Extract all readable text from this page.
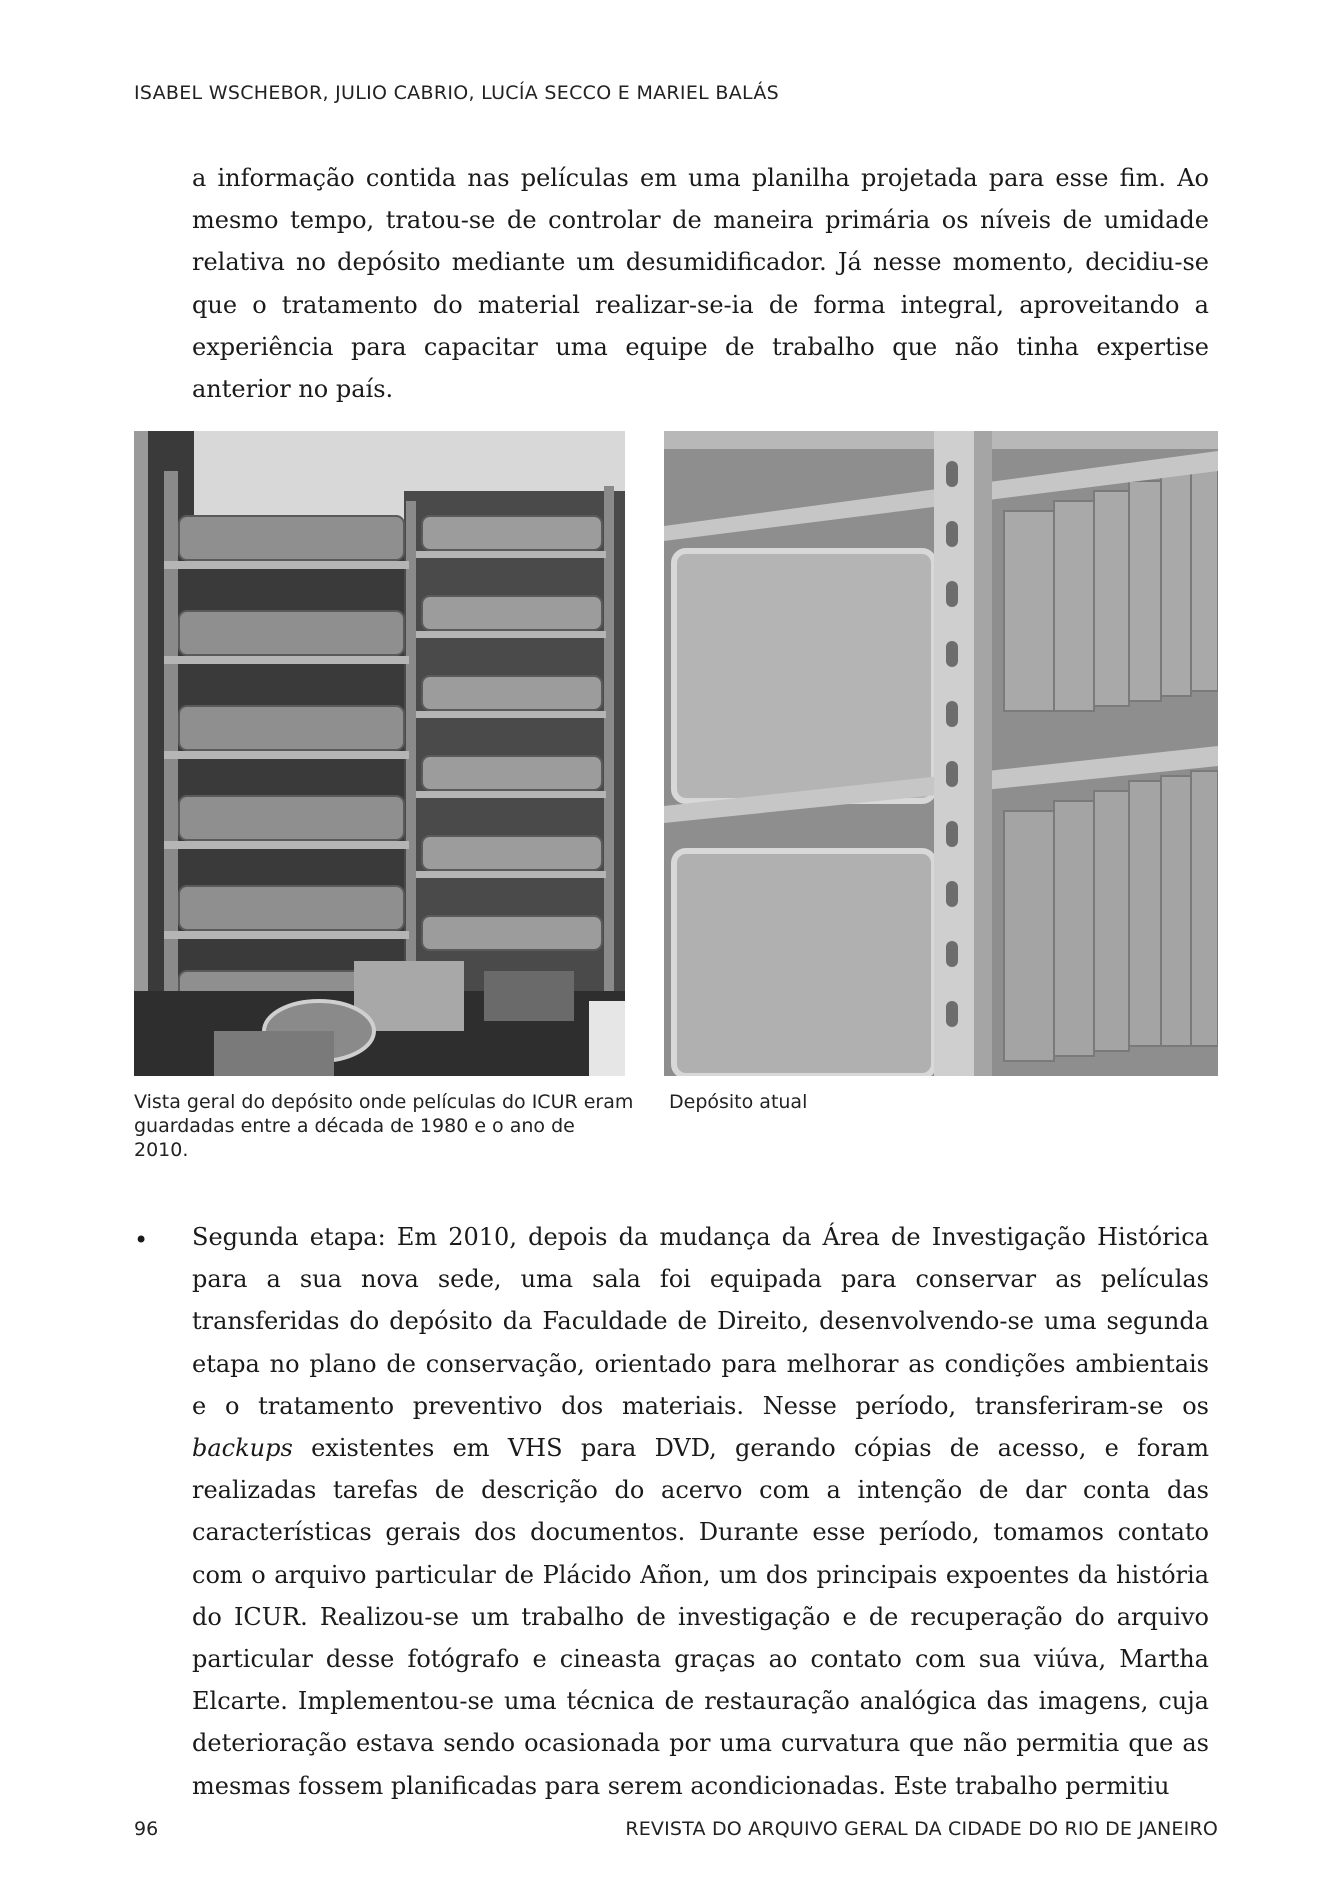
ISABEL WSCHEBOR, JULIO CABRIO, LUCÍA SECCO E MARIEL BALÁS

a informação contida nas películas em uma planilha projetada para esse fim. Ao mesmo tempo, tratou-se de controlar de maneira primária os níveis de umidade relativa no depósito mediante um desumidificador. Já nesse momento, decidiu-se que o tratamento do material realizar-se-ia de forma integral, aproveitando a experiência para capacitar uma equipe de trabalho que não tinha expertise anterior no país.

Vista geral do depósito onde películas do ICUR eram guardadas entre a década de 1980 e o ano de 2010.
Depósito atual
• Segunda etapa: Em 2010, depois da mudança da Área de Investigação Histórica para a sua nova sede, uma sala foi equipada para conservar as películas transferidas do depósito da Faculdade de Direito, desenvolvendo-se uma segunda etapa no plano de conservação, orientado para melhorar as condições ambientais e o tratamento preventivo dos materiais. Nesse período, transferiram-se os backups existentes em VHS para DVD, gerando cópias de acesso, e foram realizadas tarefas de descrição do acervo com a intenção de dar conta das características gerais dos documentos. Durante esse período, tomamos contato com o arquivo particular de Plácido Añon, um dos principais expoentes da história do ICUR. Realizou-se um trabalho de investigação e de recuperação do arquivo particular desse fotógrafo e cineasta graças ao contato com sua viúva, Martha Elcarte. Implementou-se uma técnica de restauração analógica das imagens, cuja deterioração estava sendo ocasionada por uma curvatura que não permitia que as mesmas fossem planificadas para serem acondicionadas. Este trabalho permitiu

96	REVISTA DO ARQUIVO GERAL DA CIDADE DO RIO DE JANEIRO
